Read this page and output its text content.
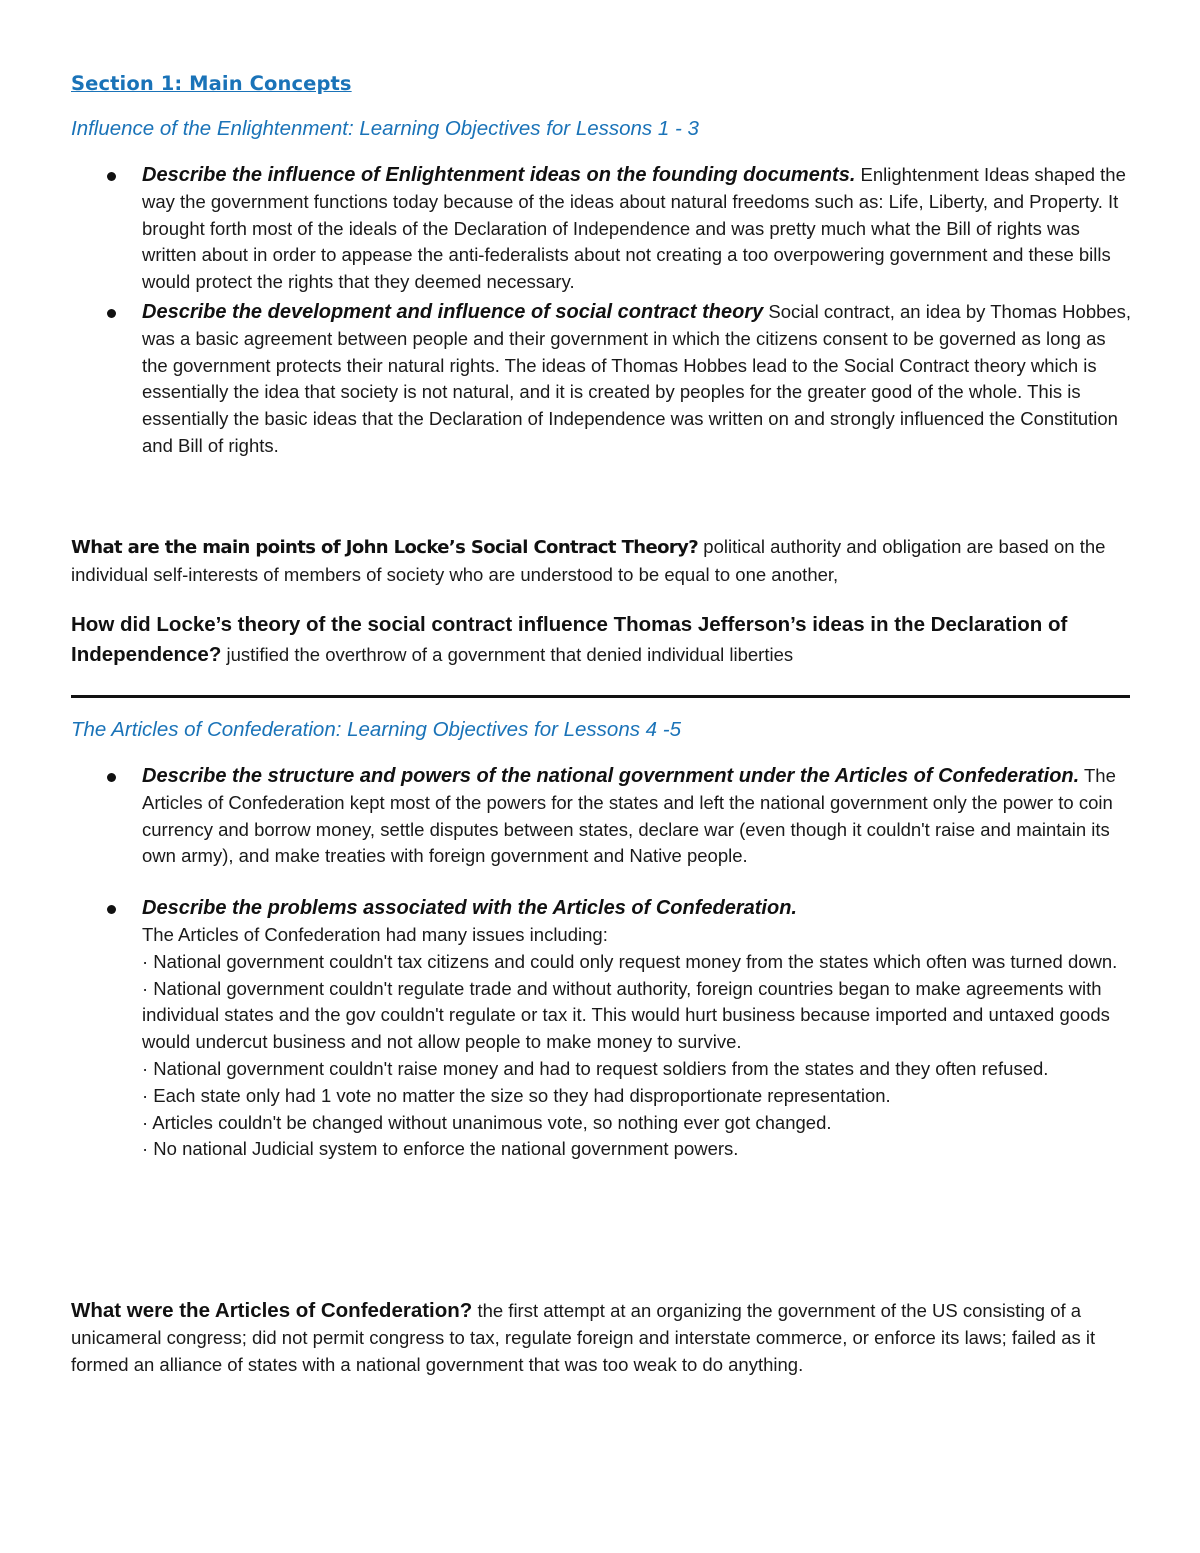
Section 1: Main Concepts
Influence of the Enlightenment: Learning Objectives for Lessons 1 - 3
Describe the influence of Enlightenment ideas on the founding documents. Enlightenment Ideas shaped the way the government functions today because of the ideas about natural freedoms such as: Life, Liberty, and Property. It brought forth most of the ideals of the Declaration of Independence and was pretty much what the Bill of rights was written about in order to appease the anti-federalists about not creating a too overpowering government and these bills would protect the rights that they deemed necessary.
Describe the development and influence of social contract theory Social contract, an idea by Thomas Hobbes, was a basic agreement between people and their government in which the citizens consent to be governed as long as the government protects their natural rights. The ideas of Thomas Hobbes lead to the Social Contract theory which is essentially the idea that society is not natural, and it is created by peoples for the greater good of the whole. This is essentially the basic ideas that the Declaration of Independence was written on and strongly influenced the Constitution and Bill of rights.
What are the main points of John Locke’s Social Contract Theory? political authority and obligation are based on the individual self-interests of members of society who are understood to be equal to one another,
How did Locke’s theory of the social contract influence Thomas Jefferson’s ideas in the Declaration of Independence? justified the overthrow of a government that denied individual liberties
The Articles of Confederation: Learning Objectives for Lessons 4 -5
Describe the structure and powers of the national government under the Articles of Confederation. The Articles of Confederation kept most of the powers for the states and left the national government only the power to coin currency and borrow money, settle disputes between states, declare war (even though it couldn't raise and maintain its own army), and make treaties with foreign government and Native people.
Describe the problems associated with the Articles of Confederation.
The Articles of Confederation had many issues including:
· National government couldn't tax citizens and could only request money from the states which often was turned down.
· National government couldn't regulate trade and without authority, foreign countries began to make agreements with individual states and the gov couldn't regulate or tax it. This would hurt business because imported and untaxed goods would undercut business and not allow people to make money to survive.
· National government couldn't raise money and had to request soldiers from the states and they often refused.
· Each state only had 1 vote no matter the size so they had disproportionate representation.
· Articles couldn't be changed without unanimous vote, so nothing ever got changed.
· No national Judicial system to enforce the national government powers.
What were the Articles of Confederation? the first attempt at an organizing the government of the US consisting of a unicameral congress; did not permit congress to tax, regulate foreign and interstate commerce, or enforce its laws; failed as it formed an alliance of states with a national government that was too weak to do anything.
